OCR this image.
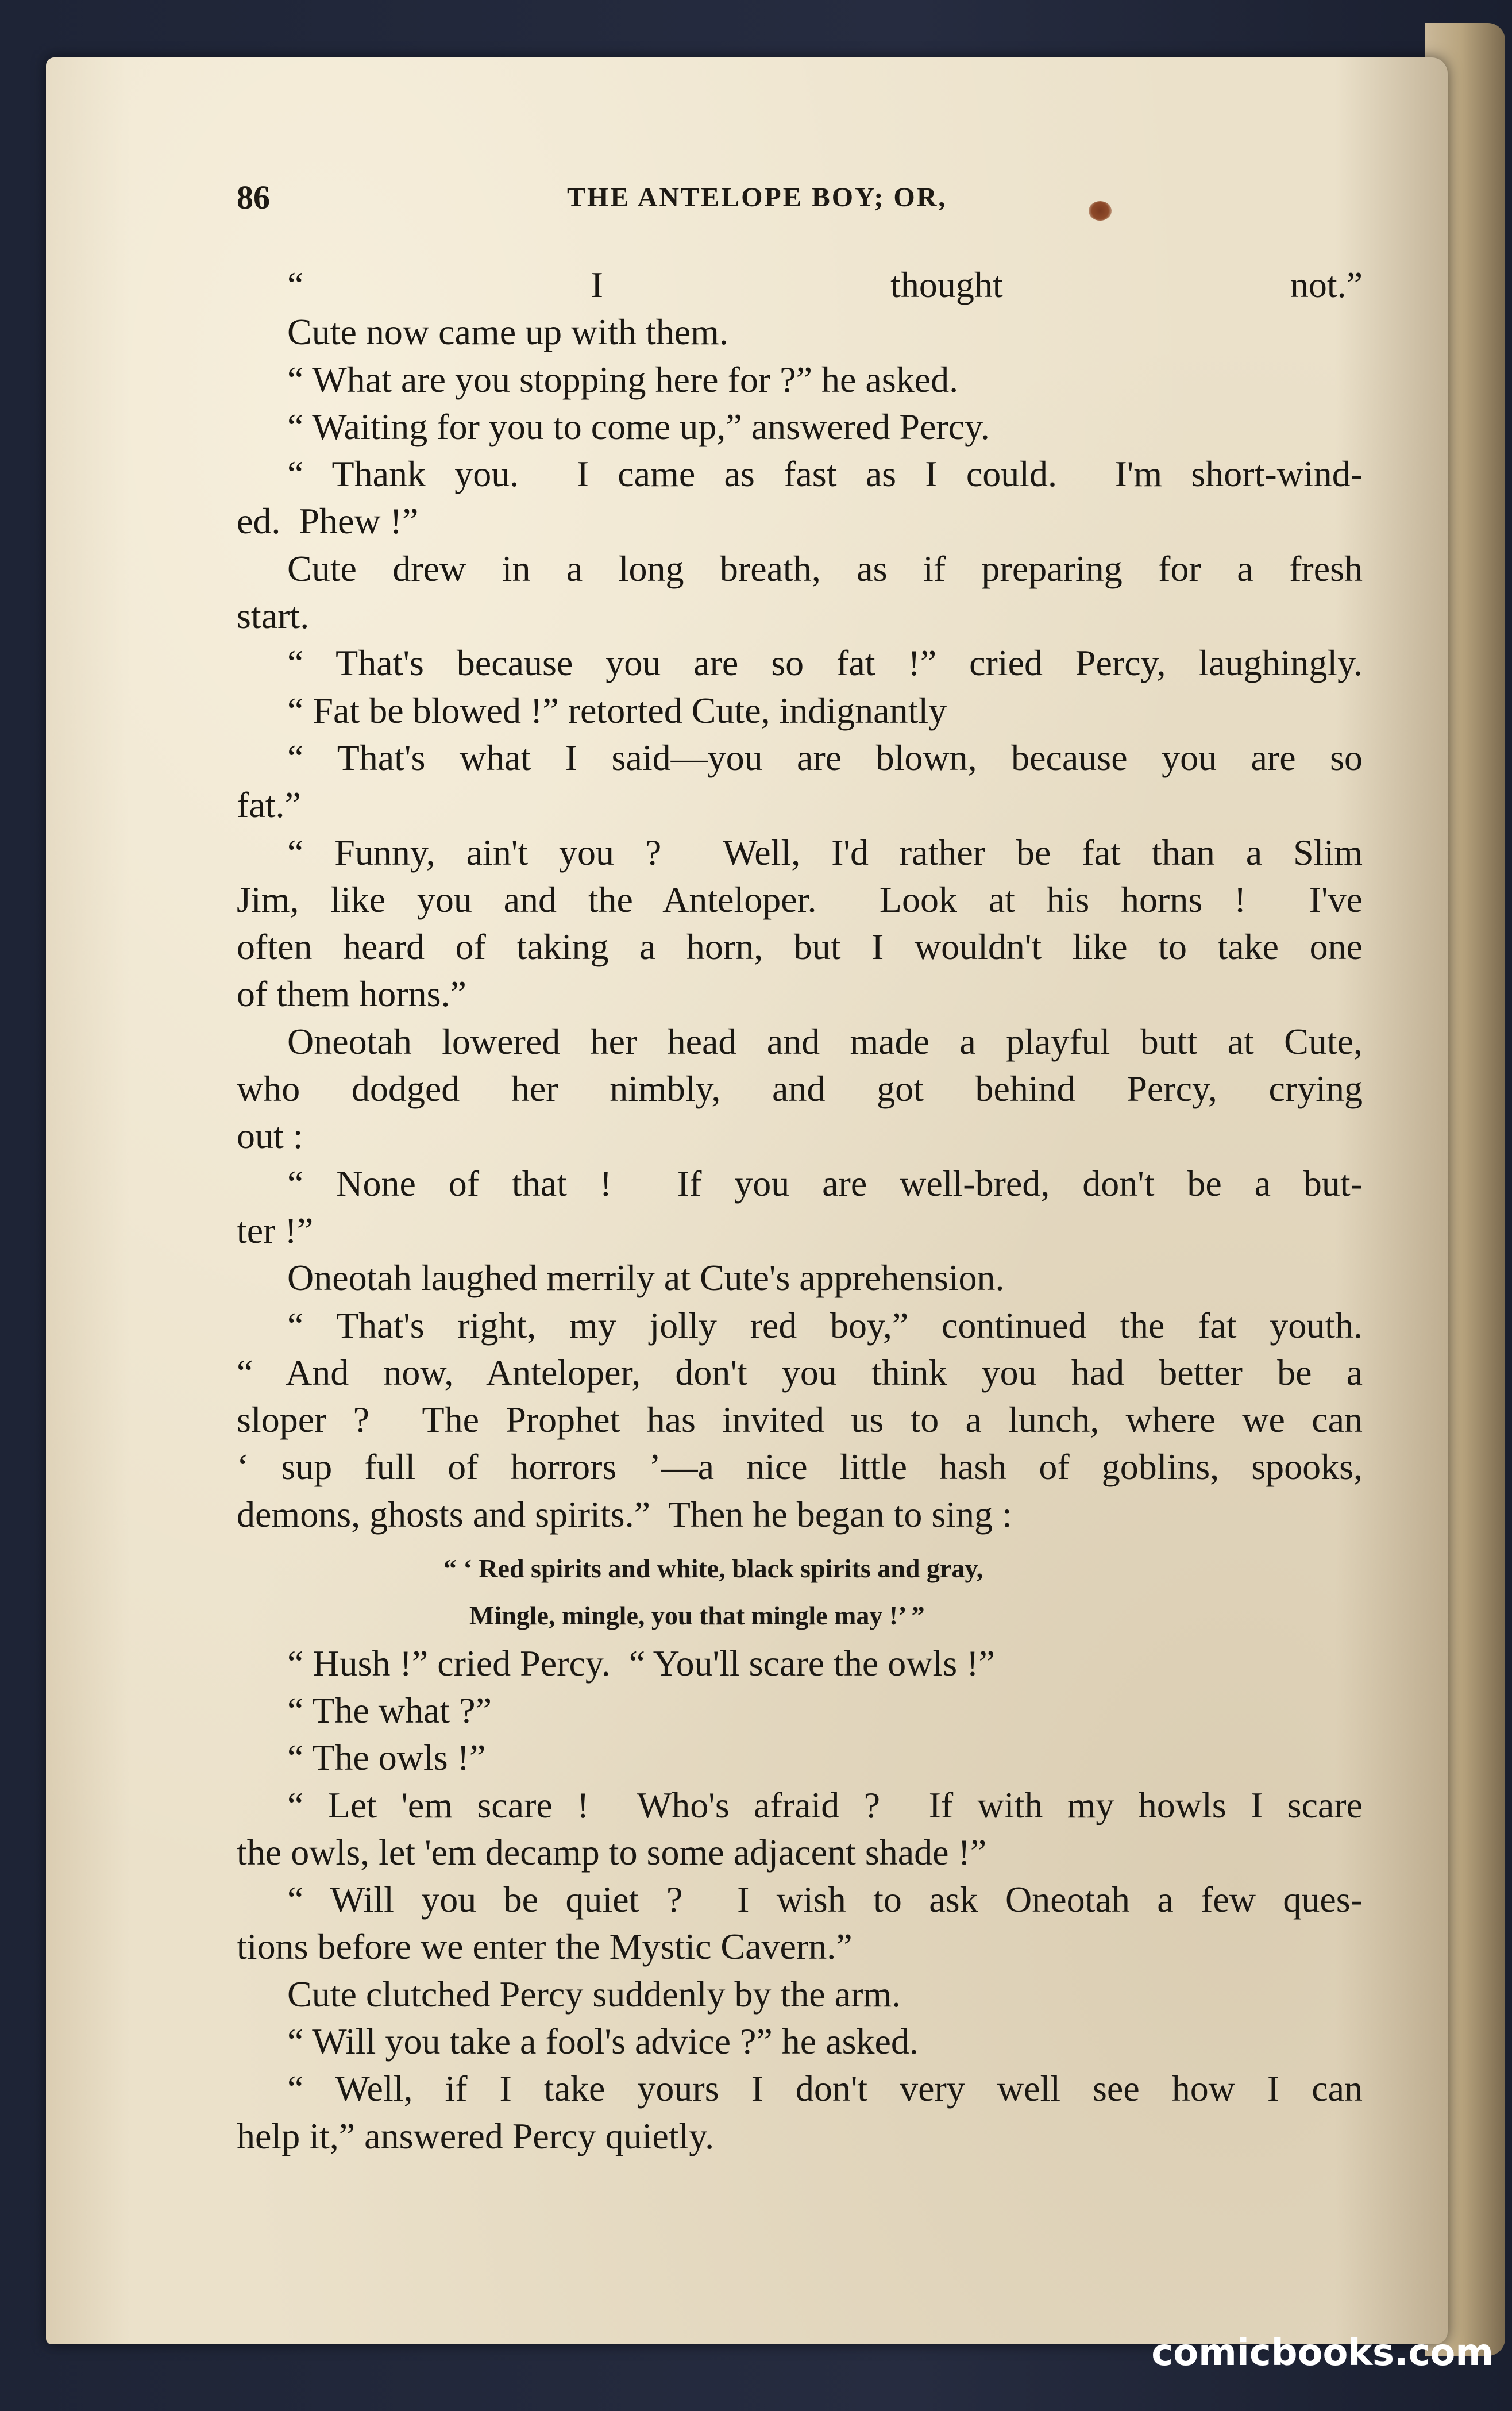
86	THE ANTELOPE BOY; OR,
“ I thought not.”
Cute now came up with them.
“ What are you stopping here for ?” he asked.
“ Waiting for you to come up,” answered Percy.
“ Thank you.  I came as fast as I could.  I'm short-wind-
ed.  Phew !”
Cute drew in a long breath, as if preparing for a fresh
start.
“ That's because you are so fat !” cried Percy, laughingly.
“ Fat be blowed !” retorted Cute, indignantly
“ That's what I said—you are blown, because you are so
fat.”
“ Funny, ain't you ?  Well, I'd rather be fat than a Slim
Jim, like you and the Anteloper.  Look at his horns !  I've
often heard of taking a horn, but I wouldn't like to take one
of them horns.”
Oneotah lowered her head and made a playful butt at Cute,
who dodged her nimbly, and got behind Percy, crying
out :
“ None of that !  If you are well-bred, don't be a but-
ter !”
Oneotah laughed merrily at Cute's apprehension.
“ That's right, my jolly red boy,” continued the fat youth.
“ And now, Anteloper, don't you think you had better be a
sloper ?  The Prophet has invited us to a lunch, where we can
‘ sup full of horrors ’—a nice little hash of goblins, spooks,
demons, ghosts and spirits.”  Then he began to sing :
“ ‘ Red spirits and white, black spirits and gray,
Mingle, mingle, you that mingle may !’ ”
“ Hush !” cried Percy.  “ You'll scare the owls !”
“ The what ?”
“ The owls !”
“ Let 'em scare !  Who's afraid ?  If with my howls I scare
the owls, let 'em decamp to some adjacent shade !”
“ Will you be quiet ?  I wish to ask Oneotah a few ques-
tions before we enter the Mystic Cavern.”
Cute clutched Percy suddenly by the arm.
“ Will you take a fool's advice ?” he asked.
“ Well, if I take yours I don't very well see how I can
help it,” answered Percy quietly.
comicbooks.com
